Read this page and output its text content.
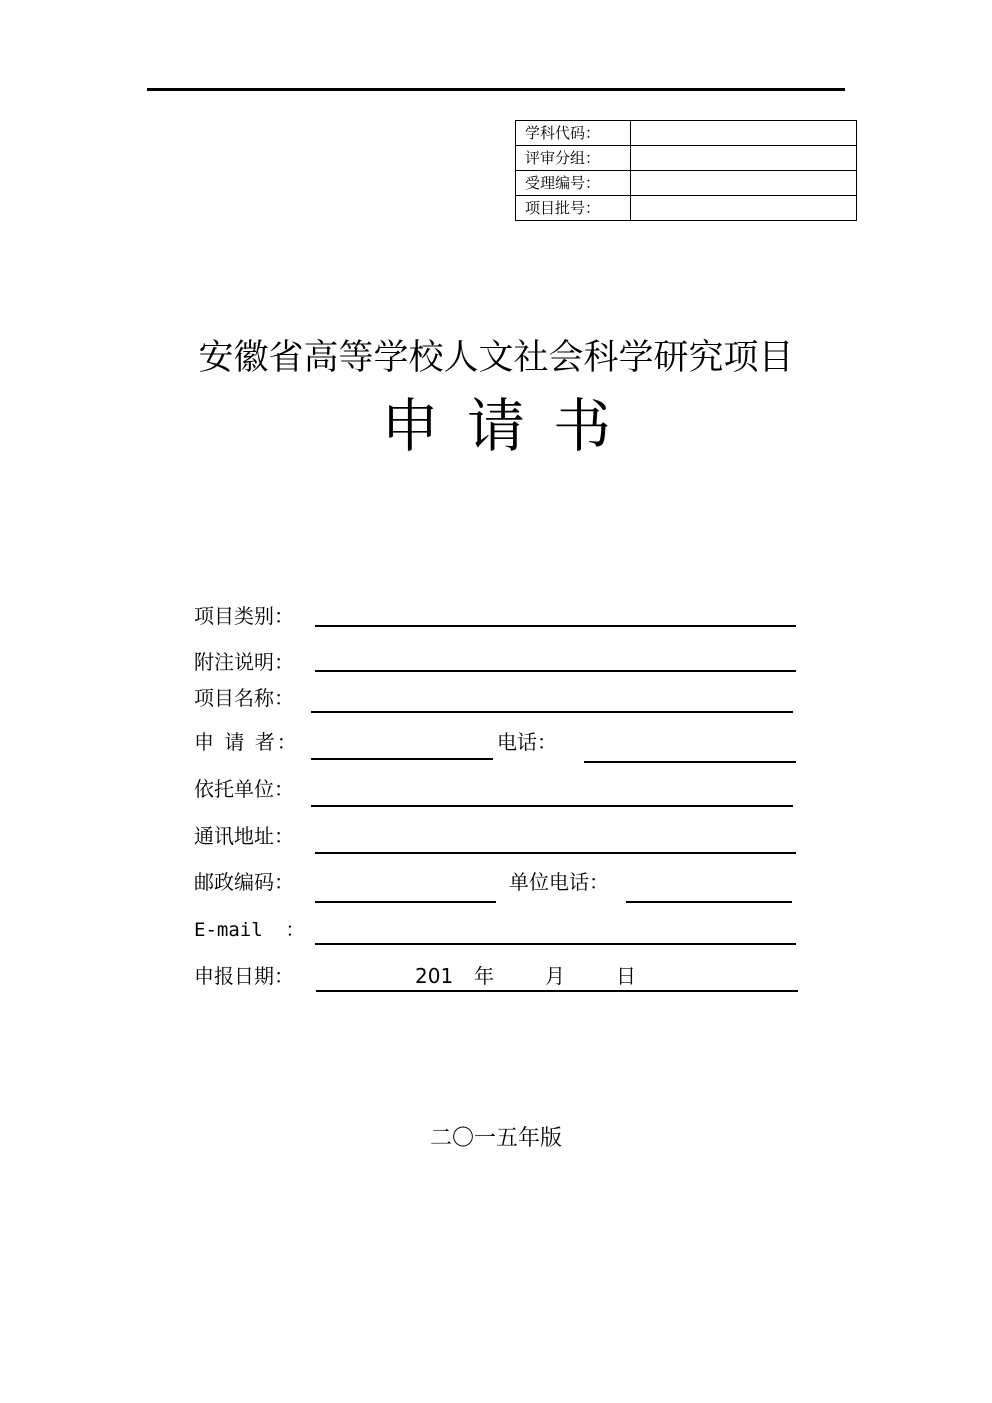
学科代码：	
评审分组：	
受理编号：	
项目批号：	
安徽省高等学校人文社会科学研究项目
申请书
项目类别：
附注说明：
项目名称：
申 请 者：	电话：
依托单位：
通讯地址：
邮政编码：	单位电话：
E-mail  ：
申报日期：	201 年	月	日
二〇一五年版
